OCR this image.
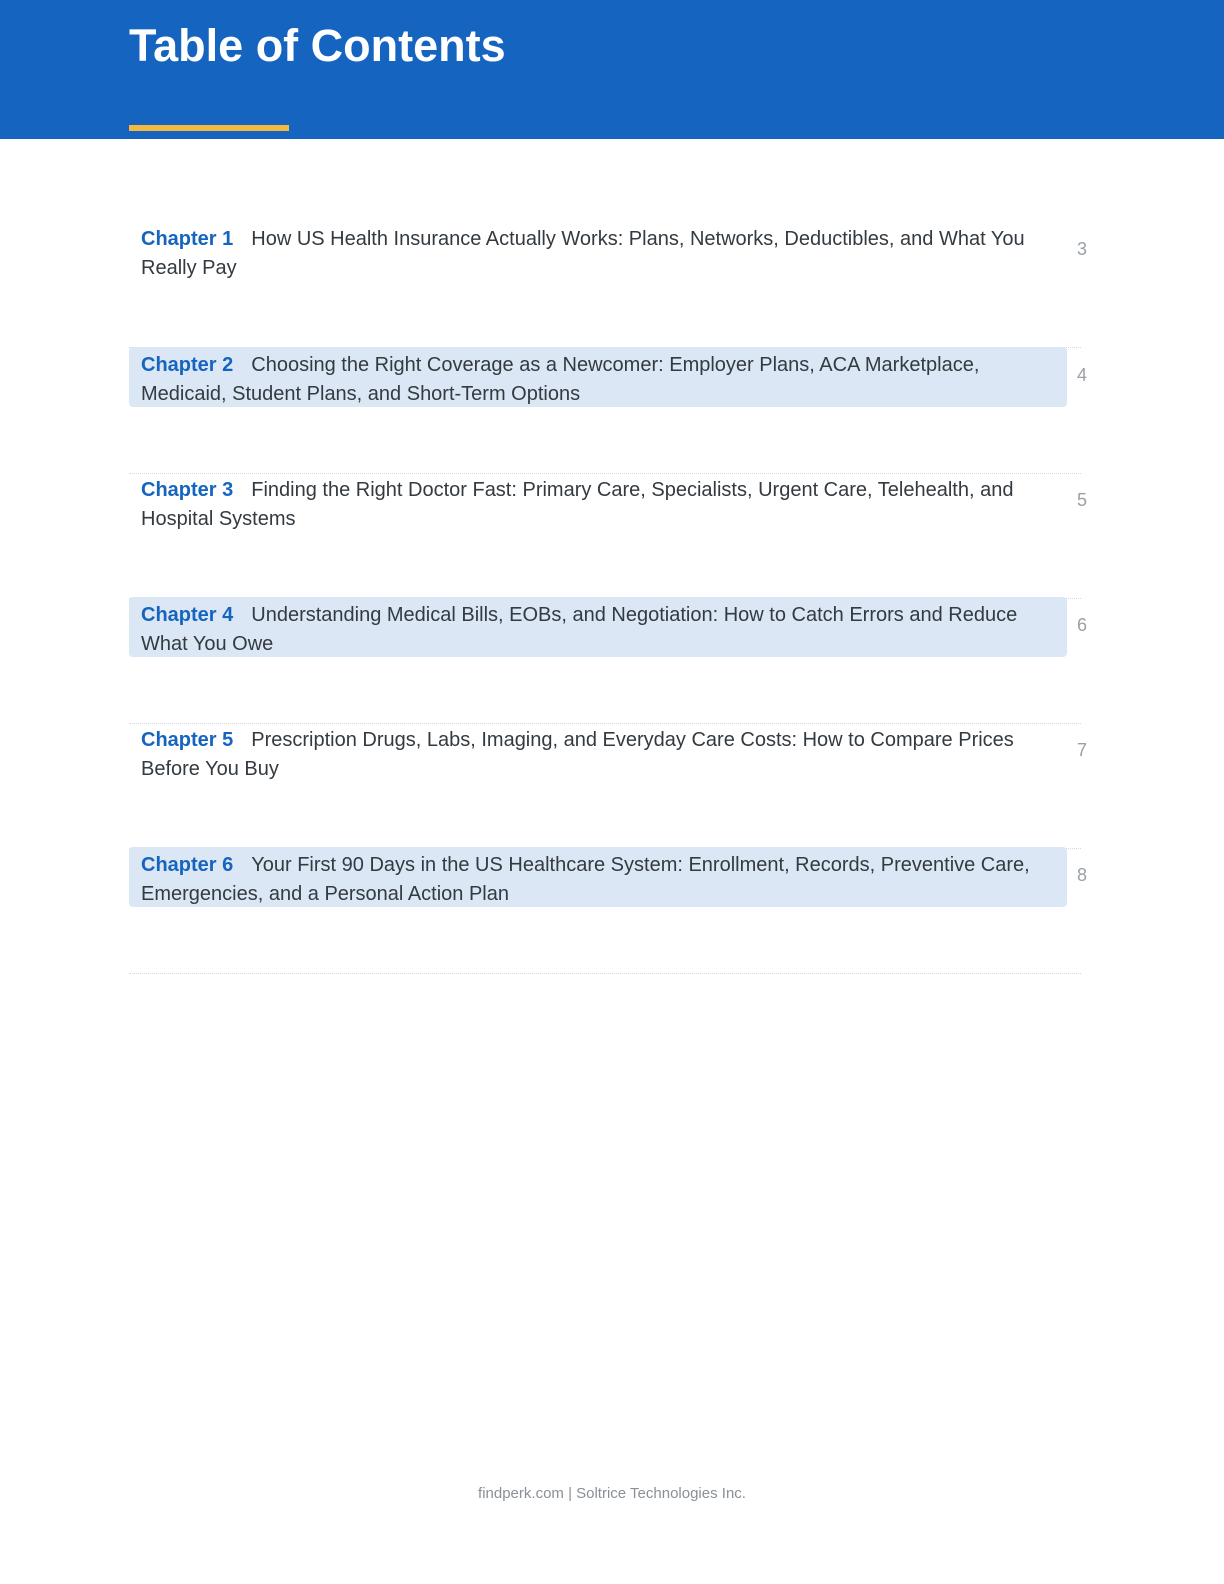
Table of Contents
Chapter 1 How US Health Insurance Actually Works: Plans, Networks, Deductibles, and What You Really Pay
3
Chapter 2 Choosing the Right Coverage as a Newcomer: Employer Plans, ACA Marketplace, Medicaid, Student Plans, and Short-Term Options
4
Chapter 3 Finding the Right Doctor Fast: Primary Care, Specialists, Urgent Care, Telehealth, and Hospital Systems
5
Chapter 4 Understanding Medical Bills, EOBs, and Negotiation: How to Catch Errors and Reduce What You Owe
6
Chapter 5 Prescription Drugs, Labs, Imaging, and Everyday Care Costs: How to Compare Prices Before You Buy
7
Chapter 6 Your First 90 Days in the US Healthcare System: Enrollment, Records, Preventive Care, Emergencies, and a Personal Action Plan
8
findperk.com | Soltrice Technologies Inc.
